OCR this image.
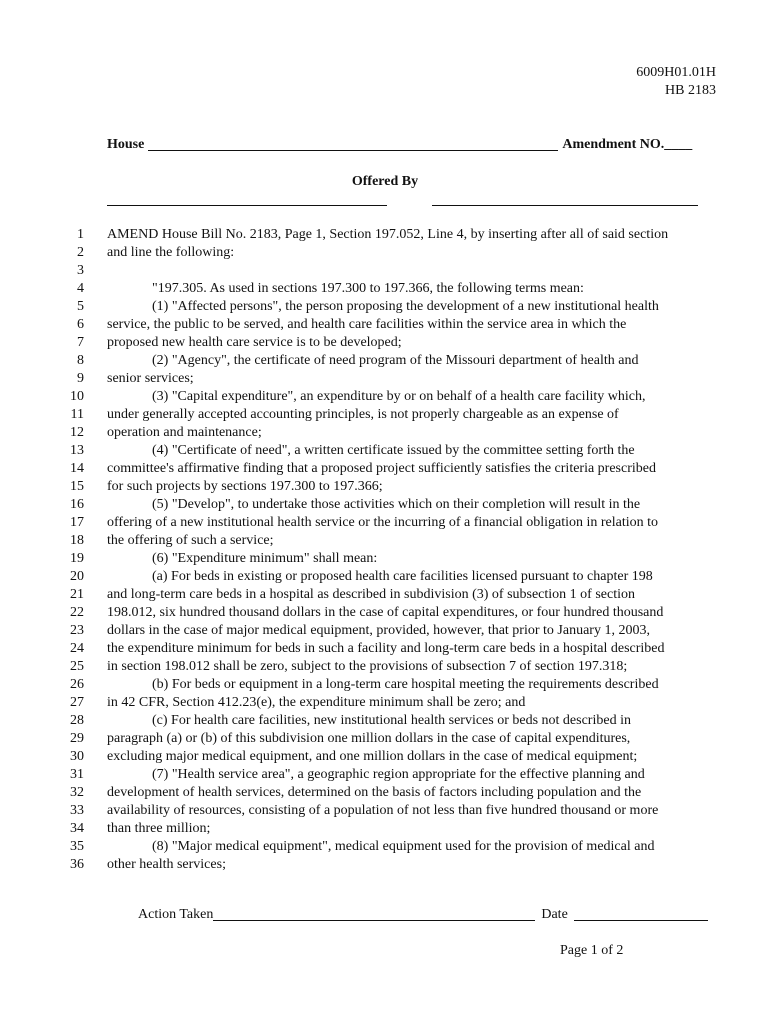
6009H01.01H
HB 2183
House	Amendment NO.____
Offered By
1 AMEND House Bill No. 2183, Page 1, Section 197.052, Line 4, by inserting after all of said section
2 and line the following:
3

4	"197.305. As used in sections 197.300 to 197.366, the following terms mean:
5	(1) "Affected persons", the person proposing the development of a new institutional health
6 service, the public to be served, and health care facilities within the service area in which the
7 proposed new health care service is to be developed;
8	(2) "Agency", the certificate of need program of the Missouri department of health and
9 senior services;
10	(3) "Capital expenditure", an expenditure by or on behalf of a health care facility which,
11 under generally accepted accounting principles, is not properly chargeable as an expense of
12 operation and maintenance;
13	(4) "Certificate of need", a written certificate issued by the committee setting forth the
14 committee's affirmative finding that a proposed project sufficiently satisfies the criteria prescribed
15 for such projects by sections 197.300 to 197.366;
16	(5) "Develop", to undertake those activities which on their completion will result in the
17 offering of a new institutional health service or the incurring of a financial obligation in relation to
18 the offering of such a service;
19	(6) "Expenditure minimum" shall mean:
20	(a) For beds in existing or proposed health care facilities licensed pursuant to chapter 198
21 and long-term care beds in a hospital as described in subdivision (3) of subsection 1 of section
22 198.012, six hundred thousand dollars in the case of capital expenditures, or four hundred thousand
23 dollars in the case of major medical equipment, provided, however, that prior to January 1, 2003,
24 the expenditure minimum for beds in such a facility and long-term care beds in a hospital described
25 in section 198.012 shall be zero, subject to the provisions of subsection 7 of section 197.318;
26	(b) For beds or equipment in a long-term care hospital meeting the requirements described
27 in 42 CFR, Section 412.23(e), the expenditure minimum shall be zero; and
28	(c) For health care facilities, new institutional health services or beds not described in
29 paragraph (a) or (b) of this subdivision one million dollars in the case of capital expenditures,
30 excluding major medical equipment, and one million dollars in the case of medical equipment;
31	(7) "Health service area", a geographic region appropriate for the effective planning and
32 development of health services, determined on the basis of factors including population and the
33 availability of resources, consisting of a population of not less than five hundred thousand or more
34 than three million;
35	(8) "Major medical equipment", medical equipment used for the provision of medical and
36 other health services;
Action Taken	Date
Page 1 of 2
